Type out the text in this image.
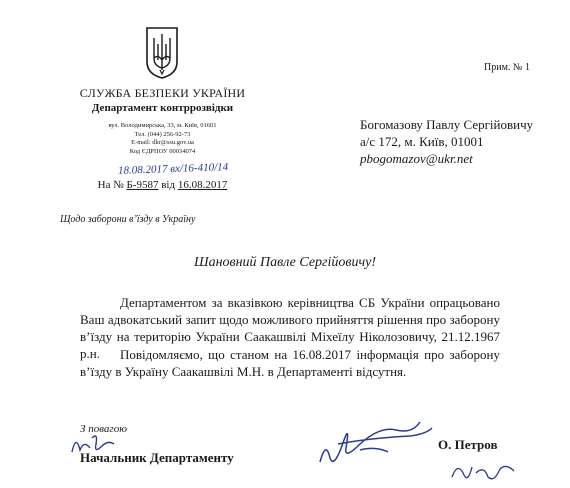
СЛУЖБА БЕЗПЕКИ УКРАЇНИ
Департамент контррозвідки
вул. Володимирська, 33, м. Київ, 01601
Тел. (044) 256-92-73
E-mail: dkr@ssu.gov.ua
Код ЄДРПОУ 00034074
18.08.2017 вх/16-410/14
На № Б-9587 від 16.08.2017
Щодо заборони в’їзду в Україну
Прим. № 1
Богомазову Павлу Сергійовичу
а/с 172, м. Київ, 01001
pbogomazov@ukr.net
Шановний Павле Сергійовичу!
Департаментом за вказівкою керівництва СБ України опрацьовано Ваш адвокатський запит щодо можливого прийняття рішення про заборону в’їзду на територію України Саакашвілі Міхеїлу Ніколозовичу, 21.12.1967 р.н.	Повідомляємо, що станом на 16.08.2017 інформація про заборону в’їзду в Україну Саакашвілі М.Н. в Департаменті відсутня.
З повагою
Начальник Департаменту
О. Петров
